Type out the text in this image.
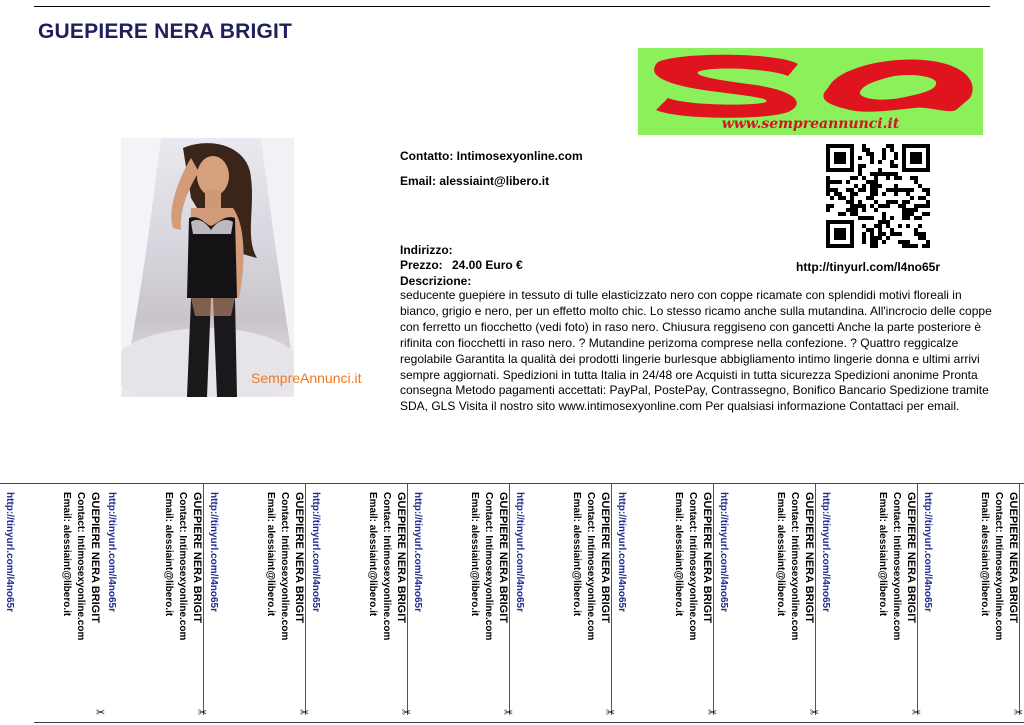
GUEPIERE NERA BRIGIT
www.sempreannunci.it
SempreAnnunci.it
Contatto: Intimosexyonline.com
Email: alessiaint@libero.it
Indirizzo:
Prezzo: 24.00 Euro €
Descrizione:

seducente guepiere in tessuto di tulle elasticizzato nero con coppe ricamate con splendidi motivi floreali in bianco, grigio e nero, per un effetto molto chic. Lo stesso ricamo anche sulla mutandina. All'incrocio delle coppe con ferretto un fiocchetto (vedi foto) in raso nero. Chiusura reggiseno con gancetti Anche la parte posteriore è rifinita con fiocchetti in raso nero. ? Mutandine perizoma comprese nella confezione. ? Quattro reggicalze regolabile Garantita la qualità dei prodotti lingerie burlesque abbigliamento intimo lingerie donna e ultimi arrivi sempre aggiornati. Spedizioni in tutta Italia in 24/48 ore Acquisti in tutta sicurezza Spedizioni anonime Pronta consegna Metodo pagamenti accettati: PayPal, PostePay, Contrassegno, Bonifico Bancario Spedizione tramite SDA, GLS Visita il nostro sito www.intimosexyonline.com Per qualsiasi informazione Contattaci per email.

http://tinyurl.com/l4no65r
http://tinyurl.com/l4no65r	GUEPIERE NERA BRIGIT
Contact: Intimosexyonline.com
Email: alessiaint@libero.it
✂
http://tinyurl.com/l4no65r	GUEPIERE NERA BRIGIT
Contact: Intimosexyonline.com
Email: alessiaint@libero.it
✂
http://tinyurl.com/l4no65r	GUEPIERE NERA BRIGIT
Contact: Intimosexyonline.com
Email: alessiaint@libero.it
✂
http://tinyurl.com/l4no65r	GUEPIERE NERA BRIGIT
Contact: Intimosexyonline.com
Email: alessiaint@libero.it
✂
http://tinyurl.com/l4no65r	GUEPIERE NERA BRIGIT
Contact: Intimosexyonline.com
Email: alessiaint@libero.it
✂
http://tinyurl.com/l4no65r	GUEPIERE NERA BRIGIT
Contact: Intimosexyonline.com
Email: alessiaint@libero.it
✂
http://tinyurl.com/l4no65r	GUEPIERE NERA BRIGIT
Contact: Intimosexyonline.com
Email: alessiaint@libero.it
✂
http://tinyurl.com/l4no65r	GUEPIERE NERA BRIGIT
Contact: Intimosexyonline.com
Email: alessiaint@libero.it
✂
http://tinyurl.com/l4no65r	GUEPIERE NERA BRIGIT
Contact: Intimosexyonline.com
Email: alessiaint@libero.it
✂
http://tinyurl.com/l4no65r	GUEPIERE NERA BRIGIT
Contact: Intimosexyonline.com
Email: alessiaint@libero.it
✂
